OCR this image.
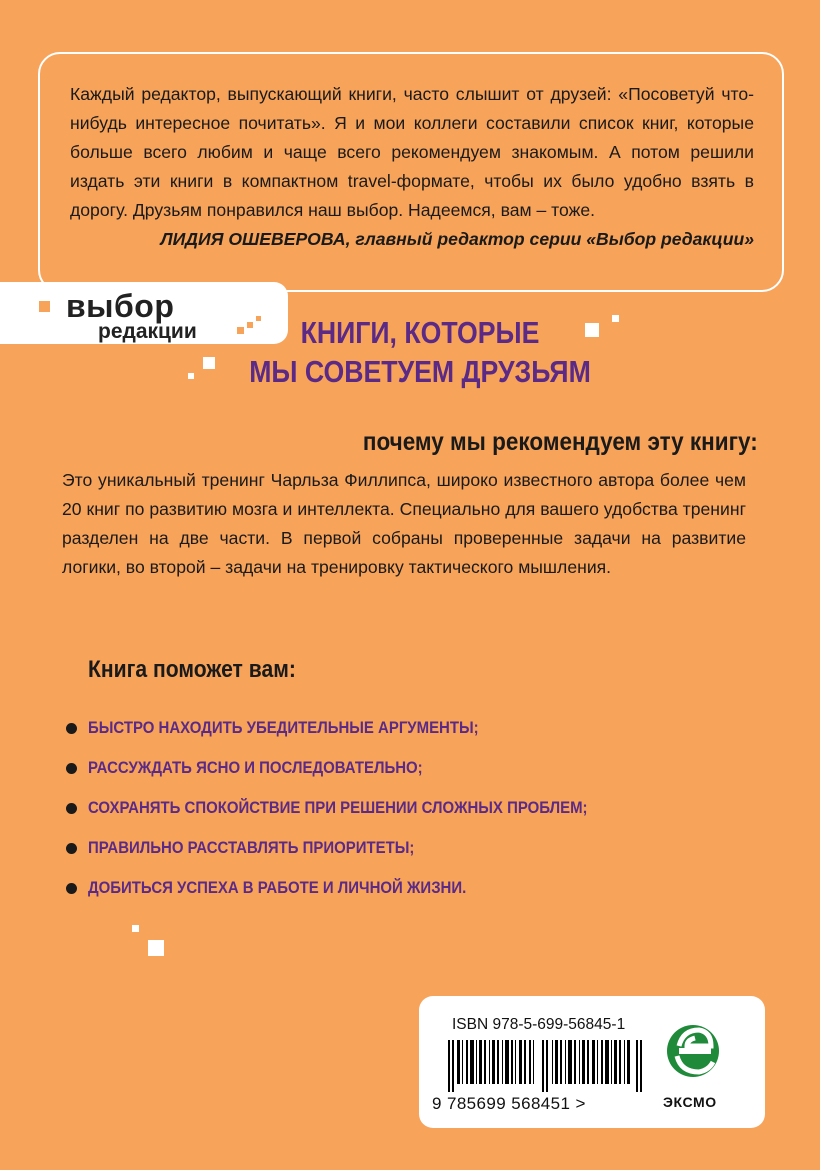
Каждый редактор, выпускающий книги, часто слышит от друзей: «Посоветуй что-нибудь интересное почитать». Я и мои коллеги составили список книг, которые больше всего любим и чаще всего рекомендуем знакомым. А потом решили издать эти книги в компактном travel-формате, чтобы их было удобно взять в дорогу. Друзьям понравился наш выбор. Надеемся, вам – тоже.

ЛИДИЯ ОШЕВЕРОВА, главный редактор серии «Выбор редакции»
выбор
редакции	КНИГИ, КОТОРЫЕ
МЫ СОВЕТУЕМ ДРУЗЬЯМ
почему мы рекомендуем эту книгу:

Это уникальный тренинг Чарльза Филлипса, широко известного автора более чем 20 книг по развитию мозга и интеллекта. Специально для вашего удобства тренинг разделен на две части. В первой собраны проверенные задачи на развитие логики, во второй – задачи на тренировку тактического мышления.

Книга поможет вам:
БЫСТРО НАХОДИТЬ УБЕДИТЕЛЬНЫЕ АРГУМЕНТЫ;
РАССУЖДАТЬ ЯСНО И ПОСЛЕДОВАТЕЛЬНО;
СОХРАНЯТЬ СПОКОЙСТВИЕ ПРИ РЕШЕНИИ СЛОЖНЫХ ПРОБЛЕМ;
ПРАВИЛЬНО РАССТАВЛЯТЬ ПРИОРИТЕТЫ;
ДОБИТЬСЯ УСПЕХА В РАБОТЕ И ЛИЧНОЙ ЖИЗНИ.
ISBN 978-5-699-56845-1
9 785699 568451 >	ЭКСМО
